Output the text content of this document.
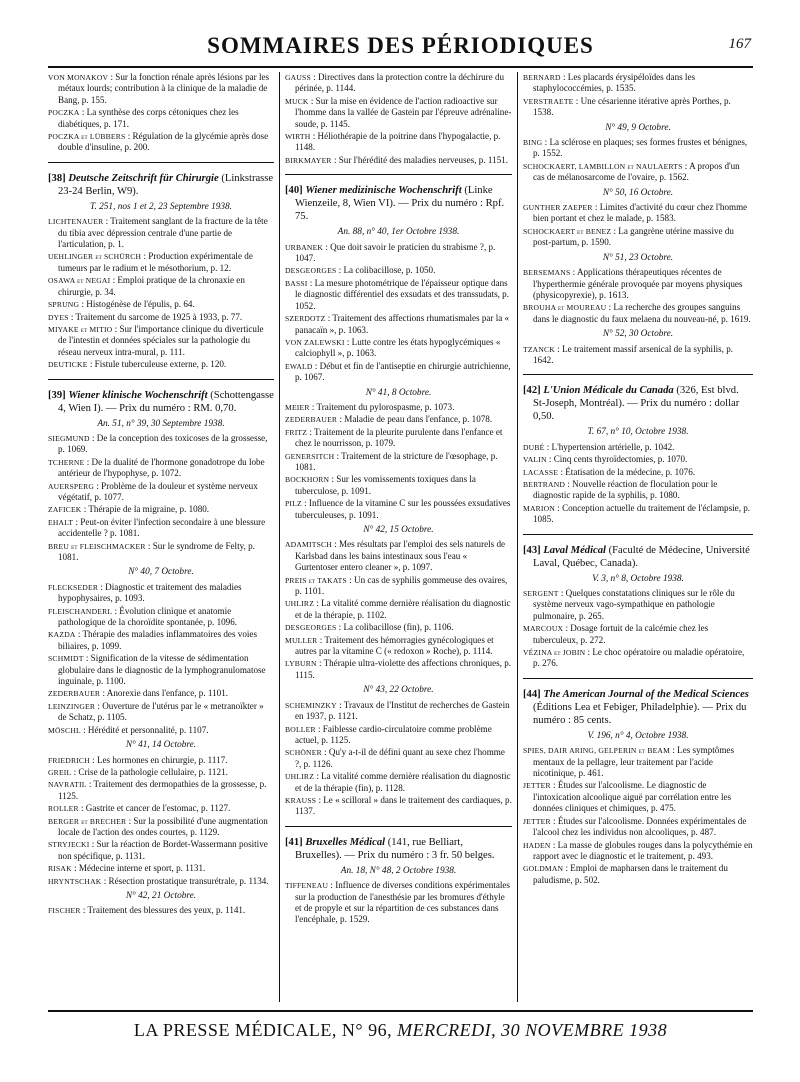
SOMMAIRES DES PÉRIODIQUES	167

VON MONAKOV : Sur la fonction rénale après lésions par les métaux lourds; contribution à la clinique de la maladie de Bang, p. 155.

POCZKA : La synthèse des corps cétoniques chez les diabétiques, p. 171.

POCZKA et LÜBBERS : Régulation de la glycémie après dose double d'insuline, p. 200.

[38] Deutsche Zeitschrift für Chirurgie (Linkstrasse 23-24 Berlin, W9).

T. 251, nos 1 et 2, 23 Septembre 1938.

LICHTENAUER : Traitement sanglant de la fracture de la tête du tibia avec dépression centrale d'une partie de l'articulation, p. 1.

UEHLINGER et SCHÜRCH : Production expérimentale de tumeurs par le radium et le mésothorium, p. 12.

OSAWA et NEGAI : Emploi pratique de la chronaxie en chirurgie, p. 34.

SPRUNG : Histogénèse de l'épulis, p. 64.

DYES : Traitement du sarcome de 1925 à 1933, p. 77.

MIYAKE et MITIO : Sur l'importance clinique du diverticule de l'intestin et données spéciales sur la pathologie du réseau nerveux intra-mural, p. 111.

DEUTICKE : Fistule tuberculeuse externe, p. 120.

[39] Wiener klinische Wochenschrift (Schottengasse 4, Wien I). — Prix du numéro : RM. 0,70.

An. 51, n° 39, 30 Septembre 1938.

SIEGMUND : De la conception des toxicoses de la grossesse, p. 1069.

TCHERNE : De la dualité de l'hormone gonadotrope du lobe antérieur de l'hypophyse, p. 1072.

AUERSPERG : Problème de la douleur et système nerveux végétatif, p. 1077.

ZAFICEK : Thérapie de la migraine, p. 1080.

EHALT : Peut-on éviter l'infection secondaire à une blessure accidentelle ? p. 1081.

BREU et FLEISCHMACKER : Sur le syndrome de Felty, p. 1081.

N° 40, 7 Octobre.

FLECKSEDER : Diagnostic et traitement des maladies hypophysaires, p. 1093.

FLEISCHANDERL : Évolution clinique et anatomie pathologique de la choroïdite spontanée, p. 1096.

KAZDA : Thérapie des maladies inflammatoires des voies biliaires, p. 1099.

SCHMIDT : Signification de la vitesse de sédimentation globulaire dans le diagnostic de la lymphogranulomatose inguinale, p. 1100.

ZEDERBAUER : Anorexie dans l'enfance, p. 1101.

LEINZINGER : Ouverture de l'utérus par le « metranoïkter » de Schatz, p. 1105.

MÖSCHL : Hérédité et personnalité, p. 1107.

N° 41, 14 Octobre.

FRIEDRICH : Les hormones en chirurgie, p. 1117.

GREIL : Crise de la pathologie cellulaire, p. 1121.

NAVRATIL : Traitement des dermopathies de la grossesse, p. 1125.

ROLLER : Gastrite et cancer de l'estomac, p. 1127.

BERGER et BRECHER : Sur la possibilité d'une augmentation locale de l'action des ondes courtes, p. 1129.

STRYJECKI : Sur la réaction de Bordet-Wassermann positive non spécifique, p. 1131.

RISAK : Médecine interne et sport, p. 1131.

HRYNTSCHAK : Résection prostatique transurétrale, p. 1134.

N° 42, 21 Octobre.

FISCHER : Traitement des blessures des yeux, p. 1141.

GAUSS : Directives dans la protection contre la déchirure du périnée, p. 1144.

MUCK : Sur la mise en évidence de l'action radioactive sur l'homme dans la vallée de Gastein par l'épreuve adrénaline-soude, p. 1145.

WIRTH : Héliothérapie de la poitrine dans l'hypogalactie, p. 1148.

BIRKMAYER : Sur l'hérédité des maladies nerveuses, p. 1151.

[40] Wiener medizinische Wochenschrift (Linke Wienzeile, 8, Wien VI). — Prix du numéro : Rpf. 75.

An. 88, n° 40, 1er Octobre 1938.

URBANEK : Que doit savoir le praticien du strabisme ?, p. 1047.

DESGEORGES : La colibacillose, p. 1050.

BASSI : La mesure photométrique de l'épaisseur optique dans le diagnostic différentiel des exsudats et des transsudats, p. 1052.

SZERDOTZ : Traitement des affections rhumatismales par la « panacaïn », p. 1063.

VON ZALEWSKI : Lutte contre les états hypoglycémiques « calciophyll », p. 1063.

EWALD : Début et fin de l'antiseptie en chirurgie autrichienne, p. 1067.

N° 41, 8 Octobre.

MEIER : Traitement du pylorospasme, p. 1073.

ZEDERBAUER : Maladie de peau dans l'enfance, p. 1078.

FRITZ : Traitement de la pleurite purulente dans l'enfance et chez le nourrisson, p. 1079.

GENERSITCH : Traitement de la stricture de l'œsophage, p. 1081.

BOCKHORN : Sur les vomissements toxiques dans la tuberculose, p. 1091.

PILZ : Influence de la vitamine C sur les poussées exsudatives tuberculeuses, p. 1091.

N° 42, 15 Octobre.

ADAMITSCH : Mes résultats par l'emploi des sels naturels de Karlsbad dans les bains intestinaux sous l'eau « Gurtentoser entero cleaner », p. 1097.

PREIS et TAKATS : Un cas de syphilis gommeuse des ovaires, p. 1101.

UHLIRZ : La vitalité comme dernière réalisation du diagnostic et de la thérapie, p. 1102.

DESGEORGES : La colibacillose (fin), p. 1106.

MULLER : Traitement des hémorragies gynécologiques et autres par la vitamine C (« redoxon » Roche), p. 1114.

LYBURN : Thérapie ultra-violette des affections chroniques, p. 1115.

N° 43, 22 Octobre.

SCHEMINZKY : Travaux de l'Institut de recherches de Gastein en 1937, p. 1121.

BOLLER : Faiblesse cardio-circulatoire comme problème actuel, p. 1125.

SCHÖNER : Qu'y a-t-il de défini quant au sexe chez l'homme ?, p. 1126.

UHLIRZ : La vitalité comme dernière réalisation du diagnostic et de la thérapie (fin), p. 1128.

KRAUSS : Le « scilloral » dans le traitement des cardiaques, p. 1137.

[41] Bruxelles Médical (141, rue Belliart, Bruxelles). — Prix du numéro : 3 fr. 50 belges.

An. 18, N° 48, 2 Octobre 1938.

TIFFENEAU : Influence de diverses conditions expérimentales sur la production de l'anesthésie par les bromures d'éthyle et de propyle et sur la répartition de ces substances dans l'encéphale, p. 1529.

BERNARD : Les placards érysipéloïdes dans les staphylococcémies, p. 1535.

VERSTRAETE : Une césarienne itérative après Porthes, p. 1538.

N° 49, 9 Octobre.

BING : La sclérose en plaques; ses formes frustes et bénignes, p. 1552.

SCHOCKAERT, LAMBILLON et NAULAERTS : A propos d'un cas de mélanosarcome de l'ovaire, p. 1562.

N° 50, 16 Octobre.

GUNTHER ZAEPER : Limites d'activité du cœur chez l'homme bien portant et chez le malade, p. 1583.

SCHOCKAERT et BENEZ : La gangrène utérine massive du post-partum, p. 1590.

N° 51, 23 Octobre.

BERSEMANS : Applications thérapeutiques récentes de l'hyperthermie générale provoquée par moyens physiques (physicopyrexie), p. 1613.

BROUHA et MOUREAU : La recherche des groupes sanguins dans le diagnostic du faux melaena du nouveau-né, p. 1619.

N° 52, 30 Octobre.

TZANCK : Le traitement massif arsenical de la syphilis, p. 1642.

[42] L'Union Médicale du Canada (326, Est blvd. St-Joseph, Montréal). — Prix du numéro : dollar 0,50.

T. 67, n° 10, Octobre 1938.

DUBÉ : L'hypertension artérielle, p. 1042.

VALIN : Cinq cents thyroïdectomies, p. 1070.

LACASSE : Étatisation de la médecine, p. 1076.

BERTRAND : Nouvelle réaction de floculation pour le diagnostic rapide de la syphilis, p. 1080.

MARION : Conception actuelle du traitement de l'éclampsie, p. 1085.

[43] Laval Médical (Faculté de Médecine, Université Laval, Québec, Canada).

V. 3, n° 8, Octobre 1938.

SERGENT : Quelques constatations cliniques sur le rôle du système nerveux vago-sympathique en pathologie pulmonaire, p. 265.

MARCOUX : Dosage fortuit de la calcémie chez les tuberculeux, p. 272.

VÉZINA et JOBIN : Le choc opératoire ou maladie opératoire, p. 276.

[44] The American Journal of the Medical Sciences (Éditions Lea et Febiger, Philadelphie). — Prix du numéro : 85 cents.

V. 196, n° 4, Octobre 1938.

SPIES, DAIR ARING, GELPERIN et BEAM : Les symptômes mentaux de la pellagre, leur traitement par l'acide nicotinique, p. 461.

JETTER : Études sur l'alcoolisme. Le diagnostic de l'intoxication alcoolique aiguë par corrélation entre les données cliniques et chimiques, p. 475.

JETTER : Études sur l'alcoolisme. Données expérimentales de l'alcool chez les individus non alcooliques, p. 487.

HADEN : La masse de globules rouges dans la polycythémie en rapport avec le diagnostic et le traitement, p. 493.

GOLDMAN : Emploi de mapharsen dans le traitement du paludisme, p. 502.

LA PRESSE MÉDICALE, N° 96, MERCREDI, 30 NOVEMBRE 1938
